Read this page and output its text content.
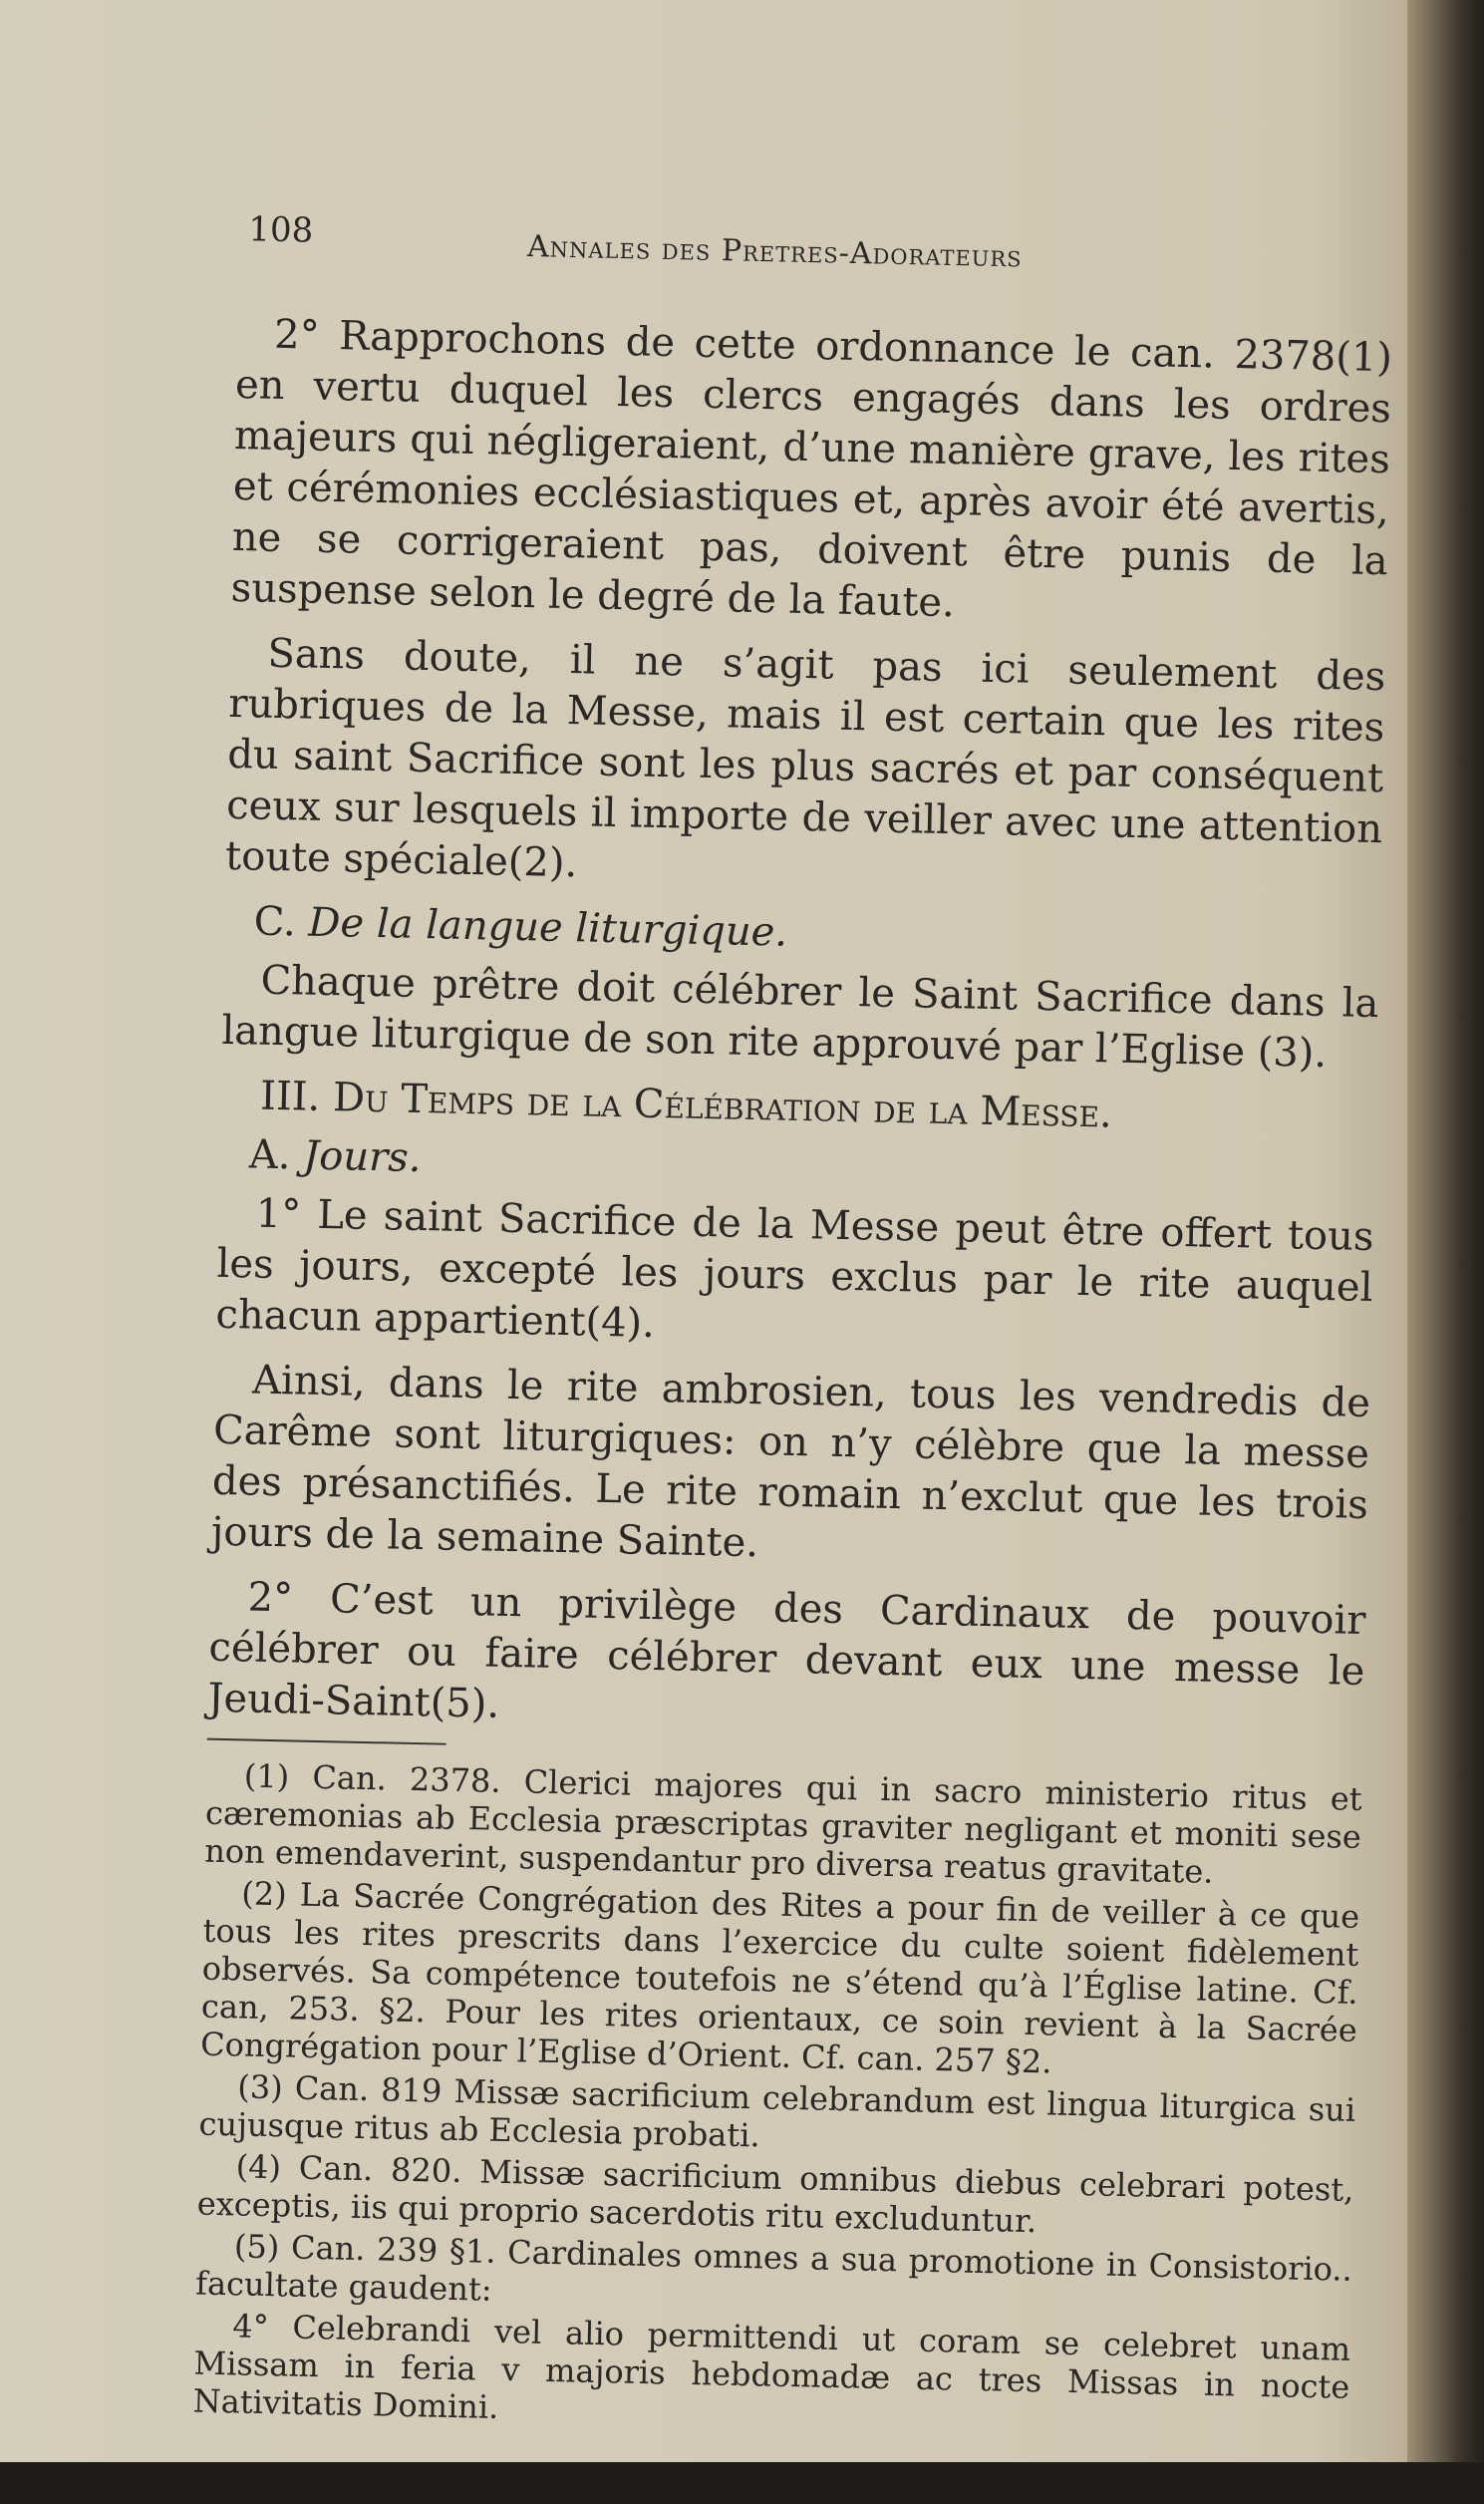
108	Annales des Pretres-Adorateurs

2° Rapprochons de cette ordonnance le can. 2378(1) en vertu duquel les clercs engagés dans les ordres majeurs qui négligeraient, d’une manière grave, les rites et cérémonies ecclésiastiques et, après avoir été avertis, ne se corrigeraient pas, doivent être punis de la suspense selon le degré de la faute.

Sans doute, il ne s’agit pas ici seulement des rubriques de la Messe, mais il est certain que les rites du saint Sacrifice sont les plus sacrés et par conséquent ceux sur lesquels il importe de veiller avec une attention toute spéciale(2).

C. De la langue liturgique.

Chaque prêtre doit célébrer le Saint Sacrifice dans la langue liturgique de son rite approuvé par l’Eglise (3).

III. Du Temps de la Célébration de la Messe.
A. Jours.

1° Le saint Sacrifice de la Messe peut être offert tous les jours, excepté les jours exclus par le rite auquel chacun appartient(4).

Ainsi, dans le rite ambrosien, tous les vendredis de Carême sont liturgiques: on n’y célèbre que la messe des présanctifiés. Le rite romain n’exclut que les trois jours de la semaine Sainte.

2° C’est un privilège des Cardinaux de pouvoir célébrer ou faire célébrer devant eux une messe le Jeudi-Saint(5).

(1) Can. 2378. Clerici majores qui in sacro ministerio ritus et cæremonias ab Ecclesia præscriptas graviter negligant et moniti sese non emendaverint, suspendantur pro diversa reatus gravitate.

(2) La Sacrée Congrégation des Rites a pour fin de veiller à ce que tous les rites prescrits dans l’exercice du culte soient fidèlement observés. Sa compétence toutefois ne s’étend qu’à l’Église latine. Cf. can, 253. §2. Pour les rites orientaux, ce soin revient à la Sacrée Congrégation pour l’Eglise d’Orient. Cf. can. 257 §2.

(3) Can. 819 Missæ sacrificium celebrandum est lingua liturgica sui cujusque ritus ab Ecclesia probati.

(4) Can. 820. Missæ sacrificium omnibus diebus celebrari potest, exceptis, iis qui proprio sacerdotis ritu excluduntur.

(5) Can. 239 §1. Cardinales omnes a sua promotione in Consistorio.. facultate gaudent:

4° Celebrandi vel alio permittendi ut coram se celebret unam Missam in feria v majoris hebdomadæ ac tres Missas in nocte Nativitatis Domini.
